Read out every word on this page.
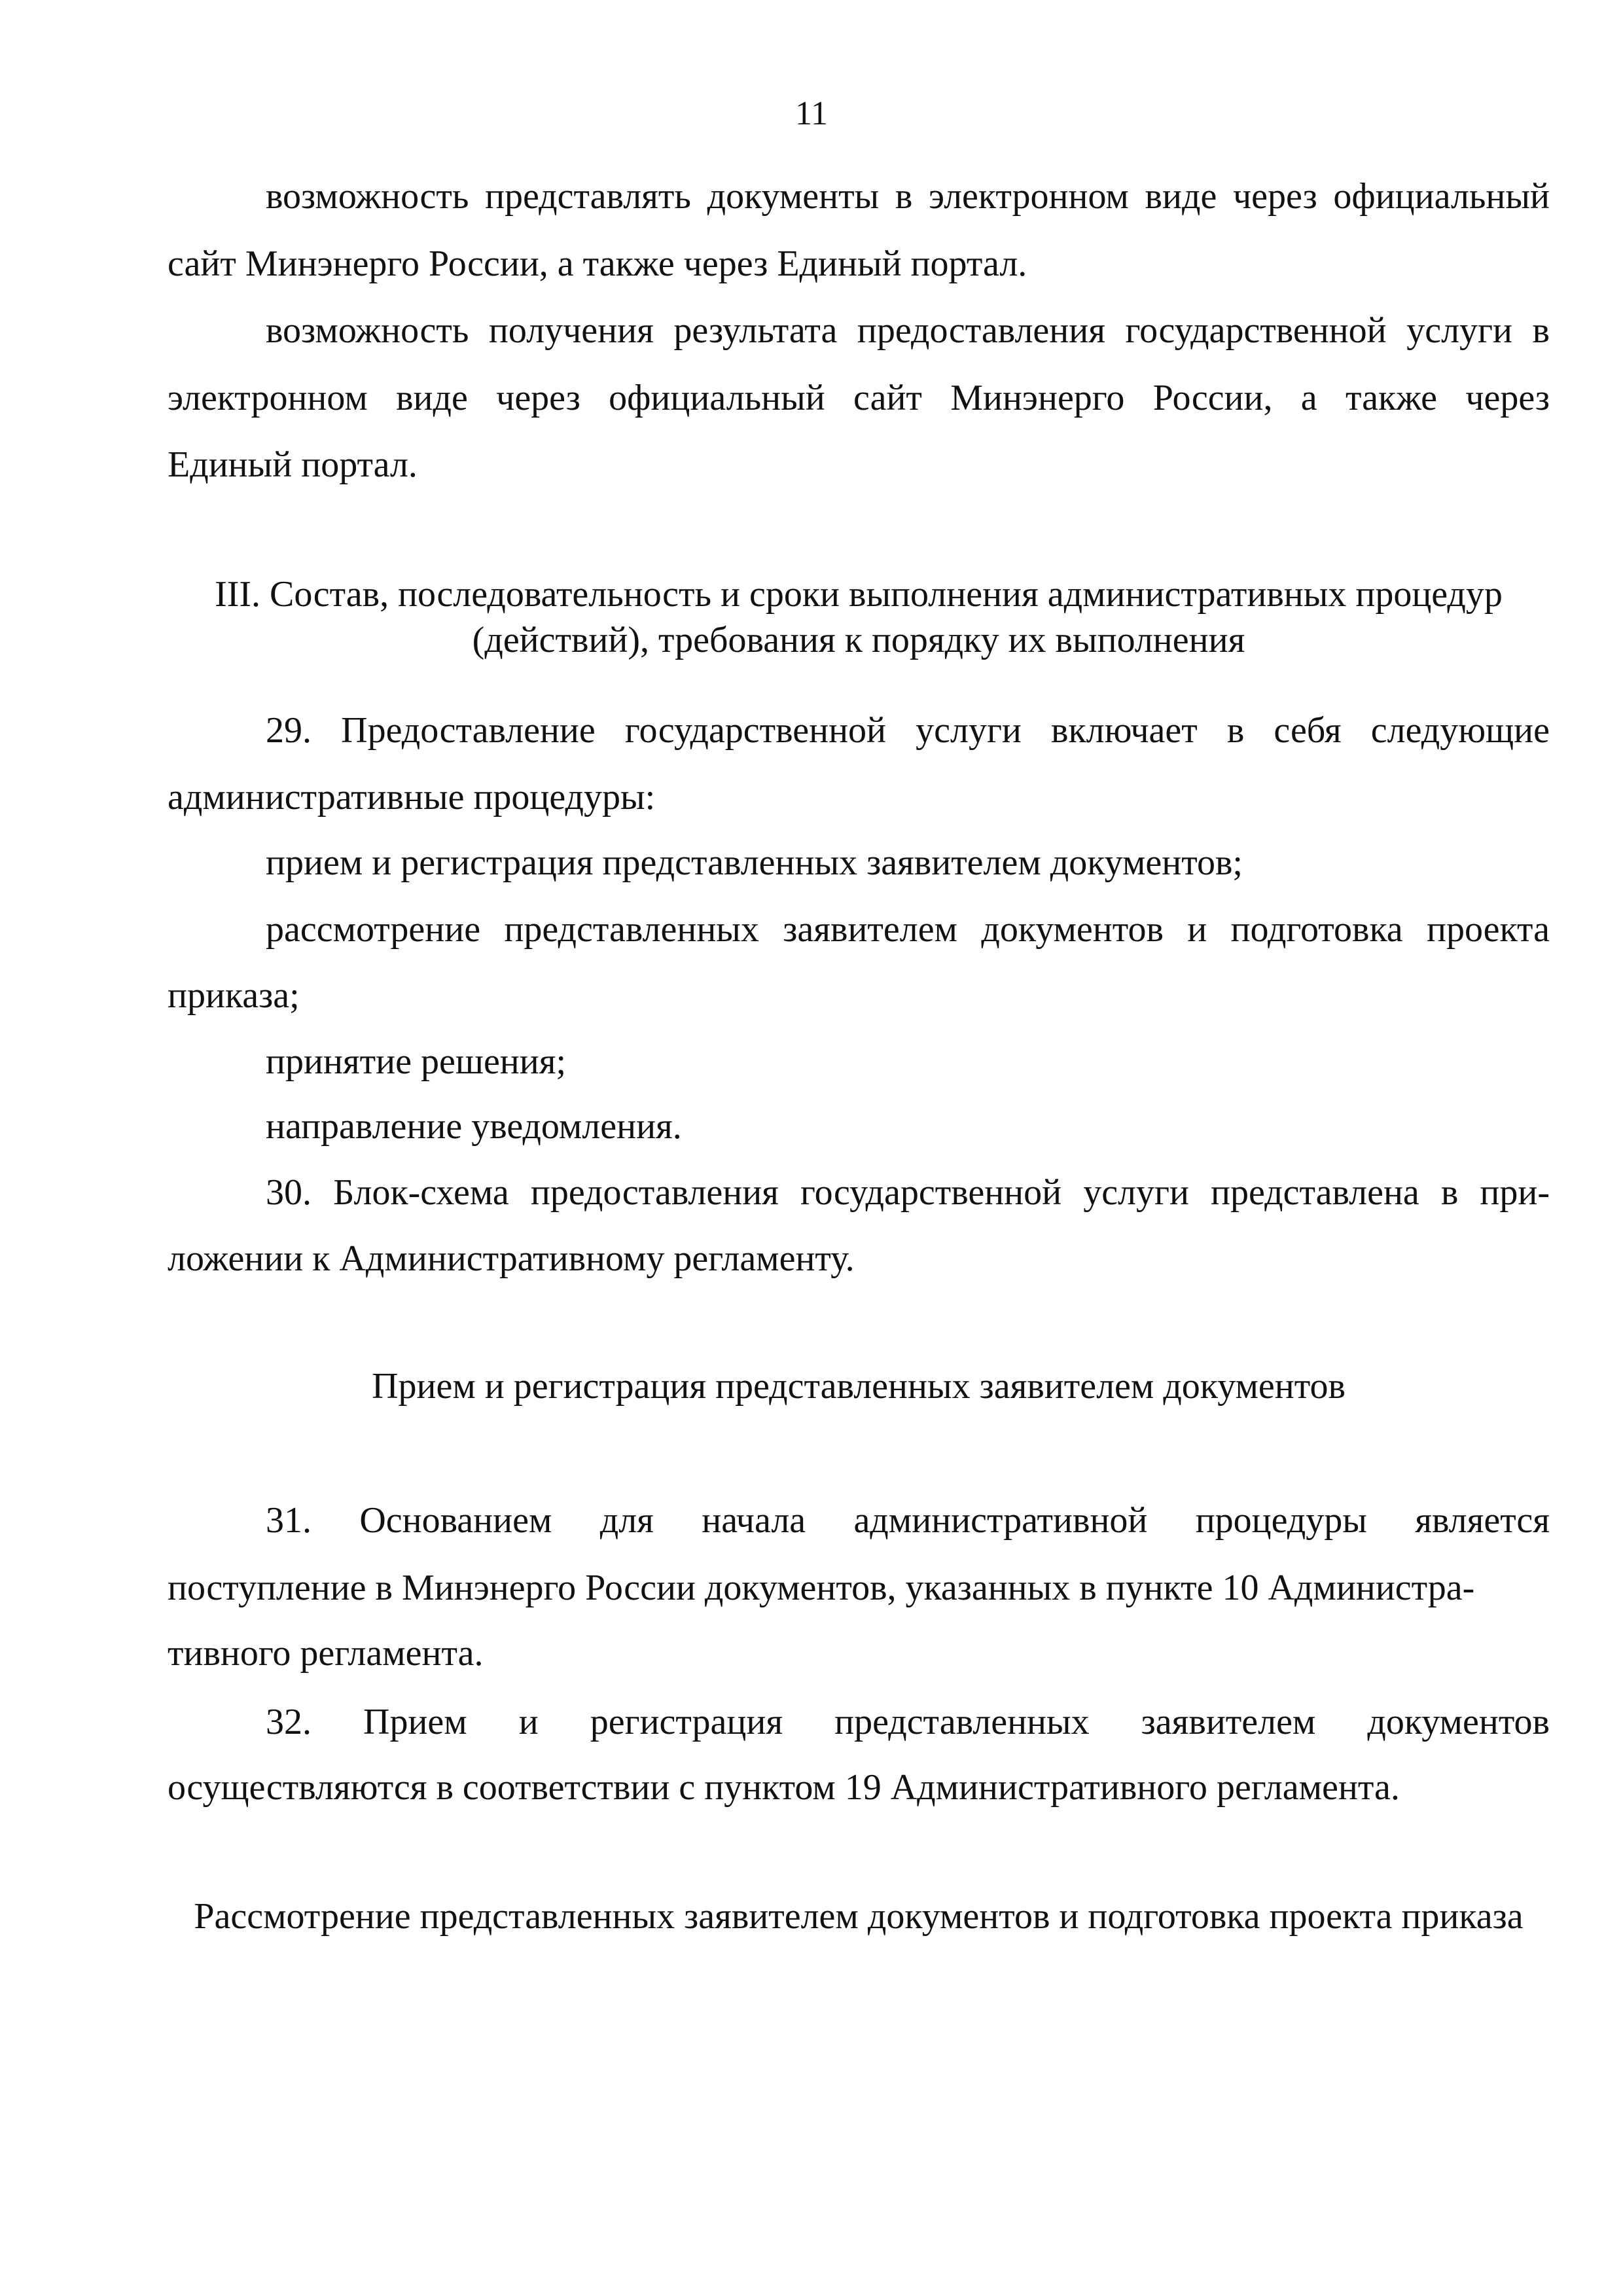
11
возможность представлять документы в электронном виде через официальный
сайт Минэнерго России, а также через Единый портал.
возможность получения результата предоставления государственной услуги в
электронном виде через официальный сайт Минэнерго России, а также через
Единый портал.
III. Состав, последовательность и сроки выполнения административных процедур
(действий), требования к порядку их выполнения
29. Предоставление государственной услуги включает в себя следующие
административные процедуры:
прием и регистрация представленных заявителем документов;
рассмотрение представленных заявителем документов и подготовка проекта
приказа;
принятие решения;
направление уведомления.
30. Блок-схема предоставления государственной услуги представлена в при-
ложении к Административному регламенту.
Прием и регистрация представленных заявителем документов
31. Основанием для начала административной процедуры является
поступление в Минэнерго России документов, указанных в пункте 10 Администра-
тивного регламента.
32. Прием и регистрация представленных заявителем документов
осуществляются в соответствии с пунктом 19 Административного регламента.
Рассмотрение представленных заявителем документов и подготовка проекта приказа
